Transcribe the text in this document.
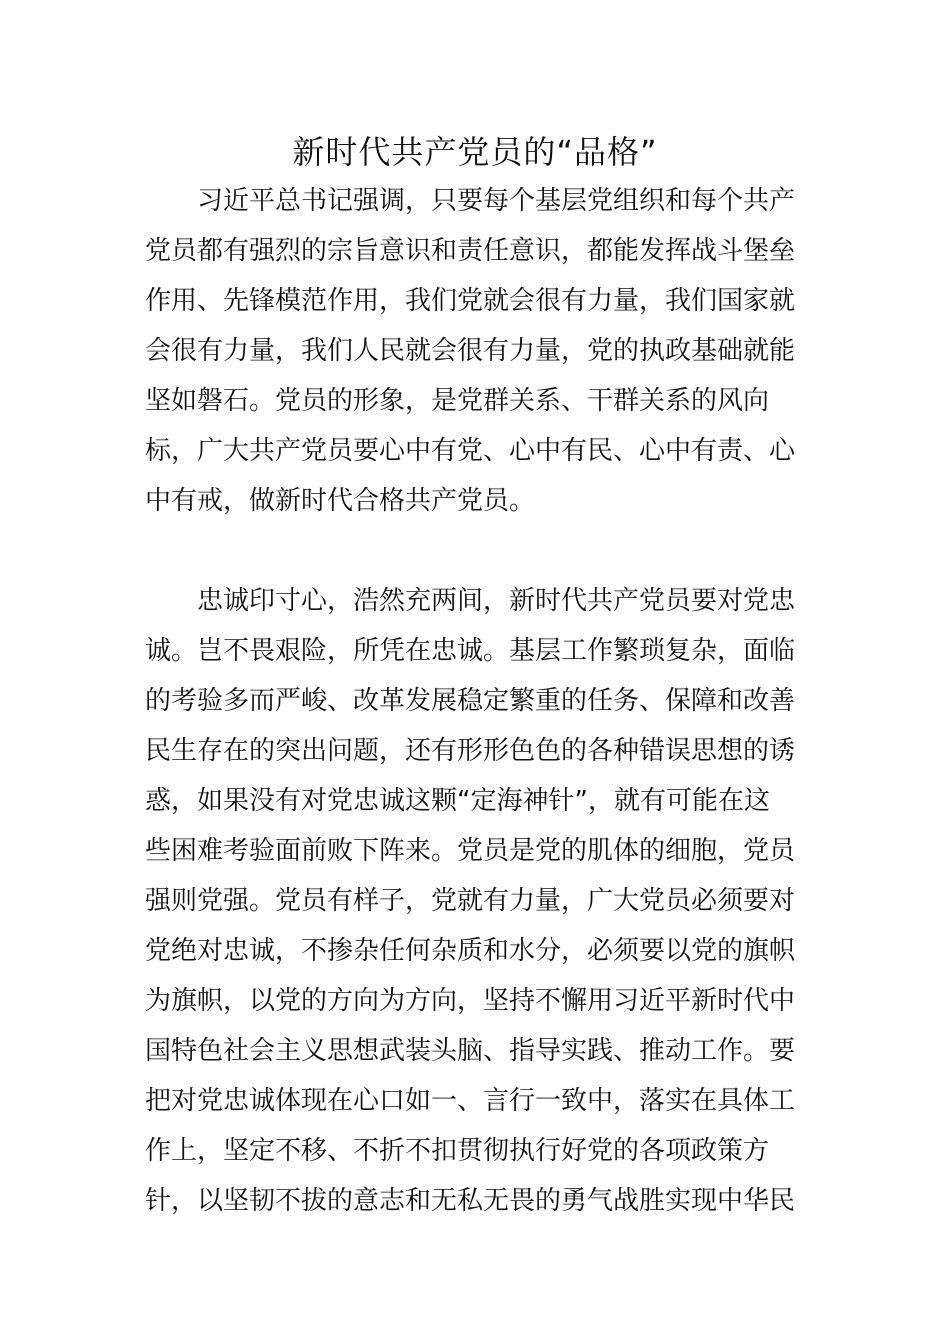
新时代共产党员的“品格”

习近平总书记强调，只要每个基层党组织和每个共产
党员都有强烈的宗旨意识和责任意识，都能发挥战斗堡垒
作用、先锋模范作用，我们党就会很有力量，我们国家就
会很有力量，我们人民就会很有力量，党的执政基础就能
坚如磐石。党员的形象，是党群关系、干群关系的风向
标，广大共产党员要心中有党、心中有民、心中有责、心
中有戒，做新时代合格共产党员。

忠诚印寸心，浩然充两间，新时代共产党员要对党忠
诚。岂不畏艰险，所凭在忠诚。基层工作繁琐复杂，面临
的考验多而严峻、改革发展稳定繁重的任务、保障和改善
民生存在的突出问题，还有形形色色的各种错误思想的诱
惑，如果没有对党忠诚这颗“定海神针”，就有可能在这
些困难考验面前败下阵来。党员是党的肌体的细胞，党员
强则党强。党员有样子，党就有力量，广大党员必须要对
党绝对忠诚，不掺杂任何杂质和水分，必须要以党的旗帜
为旗帜，以党的方向为方向，坚持不懈用习近平新时代中
国特色社会主义思想武装头脑、指导实践、推动工作。要
把对党忠诚体现在心口如一、言行一致中，落实在具体工
作上，坚定不移、不折不扣贯彻执行好党的各项政策方
针，以坚韧不拔的意志和无私无畏的勇气战胜实现中华民
